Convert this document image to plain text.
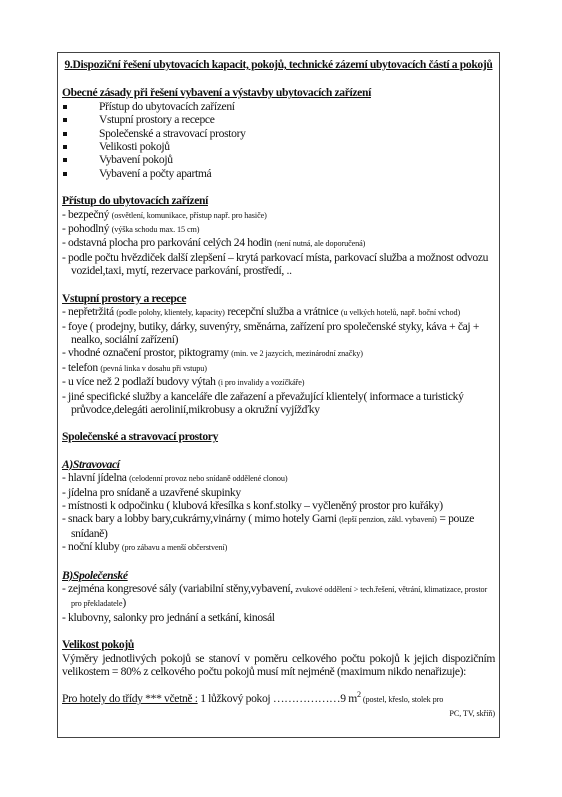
9.Dispoziční řešení ubytovacích kapacit, pokojů, technické zázemí ubytovacích částí a pokojů
Obecné zásady při řešení vybavení a výstavby ubytovacích zařízení
Přístup do ubytovacích zařízení
Vstupní prostory a recepce
Společenské a stravovací prostory
Velikosti pokojů
Vybavení pokojů
Vybavení a počty apartmá
Přístup do ubytovacích zařízení
- bezpečný (osvětlení, komunikace, přístup např. pro hasiče)
- pohodlný (výška schodu max. 15 cm)
- odstavná plocha pro parkování celých 24 hodin (není nutná, ale doporučená)
- podle počtu hvězdiček další zlepšení – krytá parkovací místa, parkovací služba a možnost odvozu vozidel,taxi, mytí, rezervace parkování, prostředí, ..
Vstupní prostory a recepce
- nepřetržitá (podle polohy, klientely, kapacity) recepční služba a vrátnice (u velkých hotelů, např. boční vchod)
- foye ( prodejny, butiky, dárky, suvenýry, směnárna, zařízení pro společenské styky, káva + čaj + nealko, sociální zařízení)
- vhodné označení prostor, piktogramy (min. ve 2 jazycích, mezinárodní značky)
- telefon (pevná linka v dosahu při vstupu)
- u více než 2 podlaží budovy výtah (i pro invalidy a vozíčkáře)
- jiné specifické služby a kanceláře dle zařazení a převažující klientely( informace a turistický průvodce,delegáti aerolinií,mikrobusy a okružní vyjížďky
Společenské a stravovací prostory
A)Stravovací
- hlavní jídelna (celodenní provoz nebo snídaně oddělené clonou)
- jídelna pro snídaně a uzavřené skupinky
- místnosti k odpočinku ( klubová křesílka s konf.stolky – vyčleněný prostor pro kuřáky)
- snack bary a lobby bary,cukrárny,vinárny ( mimo hotely Garni (lepší penzion, zákl. vybavení) = pouze snídaně)
- noční kluby (pro zábavu a menší občerstvení)
B)Společenské
- zejména kongresové sály (variabilní stěny,vybavení, zvukové oddělení > tech.řešení, větrání, klimatizace, prostor pro překladatele)
- klubovny, salonky pro jednání a setkání, kinosál
Velikost pokojů
Výměry jednotlivých pokojů se stanoví v poměru celkového počtu pokojů k jejich dispozičním velikostem = 80% z celkového počtu pokojů musí mít nejméně (maximum nikdo nenařizuje):
Pro hotely do třídy *** včetně : 1 lůžkový pokoj ………………9 $m^2$ (postel, křeslo, stolek pro
PC, TV, skříň)
